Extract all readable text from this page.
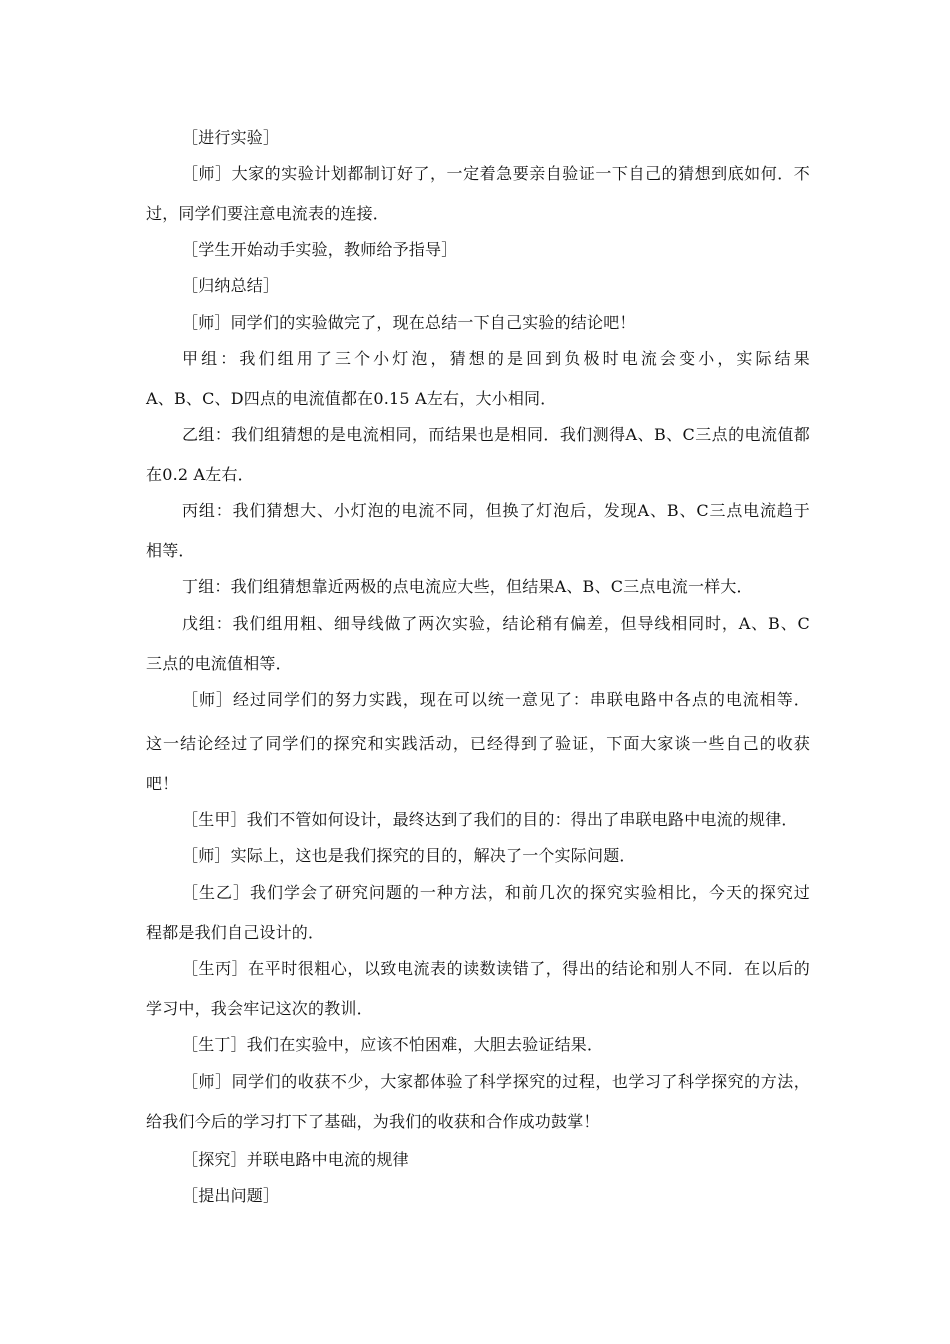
［进行实验］
［师］大家的实验计划都制订好了，一定着急要亲自验证一下自己的猜想到底如何．不
过，同学们要注意电流表的连接．
［学生开始动手实验，教师给予指导］
［归纳总结］
［师］同学们的实验做完了，现在总结一下自己实验的结论吧！
甲组：我们组用了三个小灯泡，猜想的是回到负极时电流会变小，实际结果
A、B、C、D四点的电流值都在0.15 A左右，大小相同．
乙组：我们组猜想的是电流相同，而结果也是相同．我们测得A、B、C三点的电流值都
在0.2 A左右．
丙组：我们猜想大、小灯泡的电流不同，但换了灯泡后，发现A、B、C三点电流趋于
相等．
丁组：我们组猜想靠近两极的点电流应大些，但结果A、B、C三点电流一样大．
戊组：我们组用粗、细导线做了两次实验，结论稍有偏差，但导线相同时，A、B、C
三点的电流值相等．
［师］经过同学们的努力实践，现在可以统一意见了：串联电路中各点的电流相等．
这一结论经过了同学们的探究和实践活动，已经得到了验证，下面大家谈一些自己的收获
吧！
［生甲］我们不管如何设计，最终达到了我们的目的：得出了串联电路中电流的规律．
［师］实际上，这也是我们探究的目的，解决了一个实际问题．
［生乙］我们学会了研究问题的一种方法，和前几次的探究实验相比，今天的探究过
程都是我们自己设计的．
［生丙］在平时很粗心，以致电流表的读数读错了，得出的结论和别人不同．在以后的
学习中，我会牢记这次的教训．
［生丁］我们在实验中，应该不怕困难，大胆去验证结果．
［师］同学们的收获不少，大家都体验了科学探究的过程，也学习了科学探究的方法，
给我们今后的学习打下了基础，为我们的收获和合作成功鼓掌！
［探究］并联电路中电流的规律
［提出问题］
